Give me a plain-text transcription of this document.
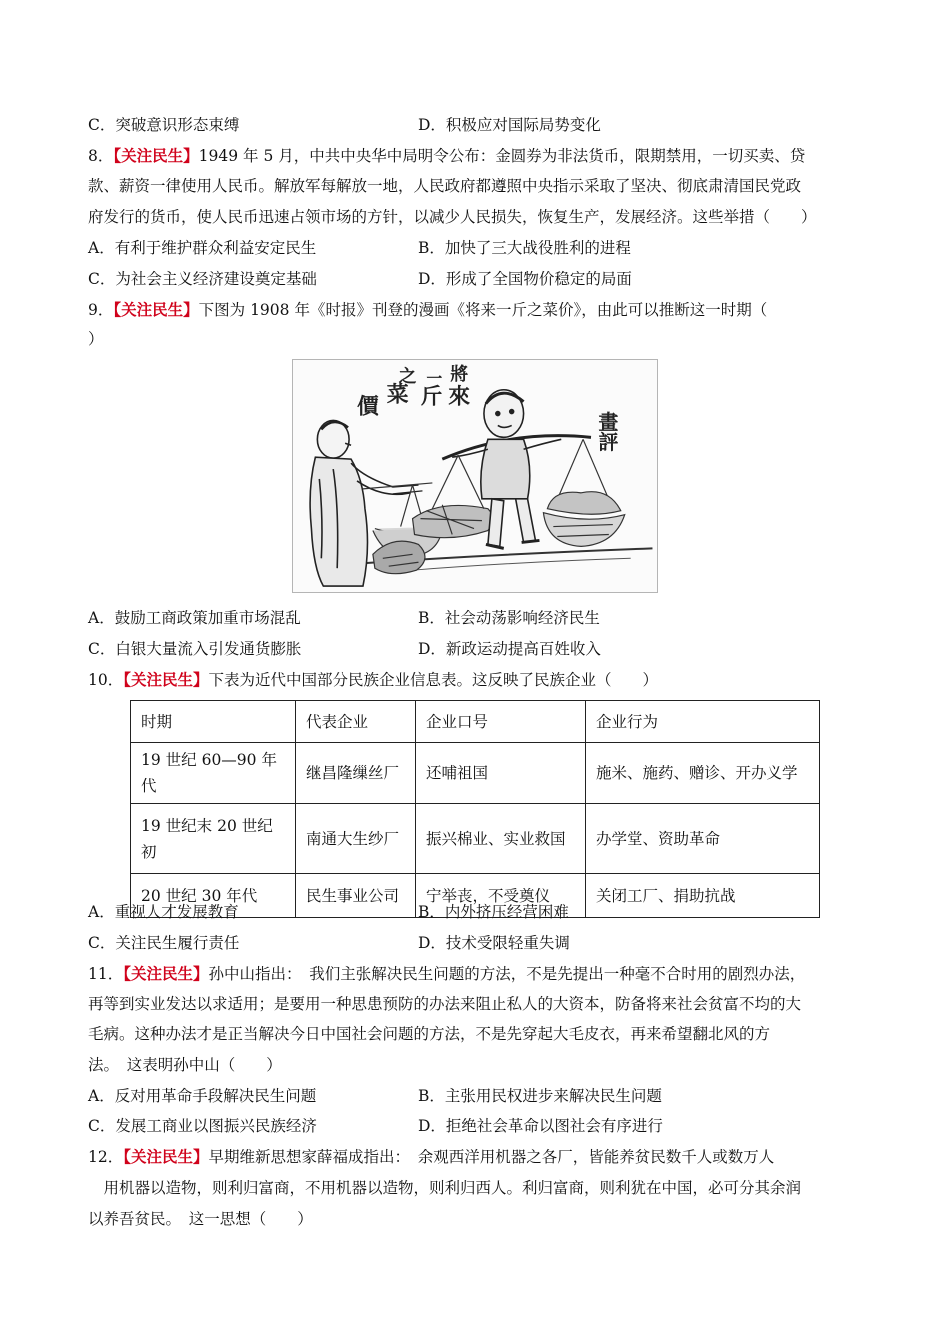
C．突破意识形态束缚	D．积极应对国际局势变化
8．【关注民生】1949 年 5 月，中共中央华中局明令公布：金圆券为非法货币，限期禁用，一切买卖、贷
款、薪资一律使用人民币。解放军每解放一地，人民政府都遵照中央指示采取了坚决、彻底肃清国民党政
府发行的货币，使人民币迅速占领市场的方针，以减少人民损失，恢复生产，发展经济。这些举措（　　）
A．有利于维护群众利益安定民生	B．加快了三大战役胜利的进程
C．为社会主义经济建设奠定基础	D．形成了全国物价稳定的局面
9．【关注民生】下图为 1908 年《时报》刊登的漫画《将来一斤之菜价》，由此可以推断这一时期（
）
價 菜
之
斤
一
來
將
畫評
A．鼓励工商政策加重市场混乱	B．社会动荡影响经济民生
C．白银大量流入引发通货膨胀	D．新政运动提高百姓收入
10．【关注民生】下表为近代中国部分民族企业信息表。这反映了民族企业（　　）
时期	代表企业	企业口号	企业行为
19 世纪 60—90 年代	继昌隆缫丝厂	还哺祖国	施米、施药、赠诊、开办义学
19 世纪末 20 世纪初	南通大生纱厂	振兴棉业、实业救国	办学堂、资助革命
20 世纪 30 年代	民生事业公司	宁举丧，不受奠仪	关闭工厂、捐助抗战
A．重视人才发展教育	B．内外挤压经营困难
C．关注民生履行责任	D．技术受限轻重失调
11．【关注民生】孙中山指出：　我们主张解决民生问题的方法，不是先提出一种毫不合时用的剧烈办法，
再等到实业发达以求适用；是要用一种思患预防的办法来阻止私人的大资本，防备将来社会贫富不均的大
毛病。这种办法才是正当解决今日中国社会问题的方法，不是先穿起大毛皮衣，再来希望翻北风的方
法。　这表明孙中山（　　）
A．反对用革命手段解决民生问题	B．主张用民权进步来解决民生问题
C．发展工商业以图振兴民族经济	D．拒绝社会革命以图社会有序进行
12．【关注民生】早期维新思想家薛福成指出：　余观西洋用机器之各厂，皆能养贫民数千人或数万人
　用机器以造物，则利归富商，不用机器以造物，则利归西人。利归富商，则利犹在中国，必可分其余润
以养吾贫民。　这一思想（　　）
